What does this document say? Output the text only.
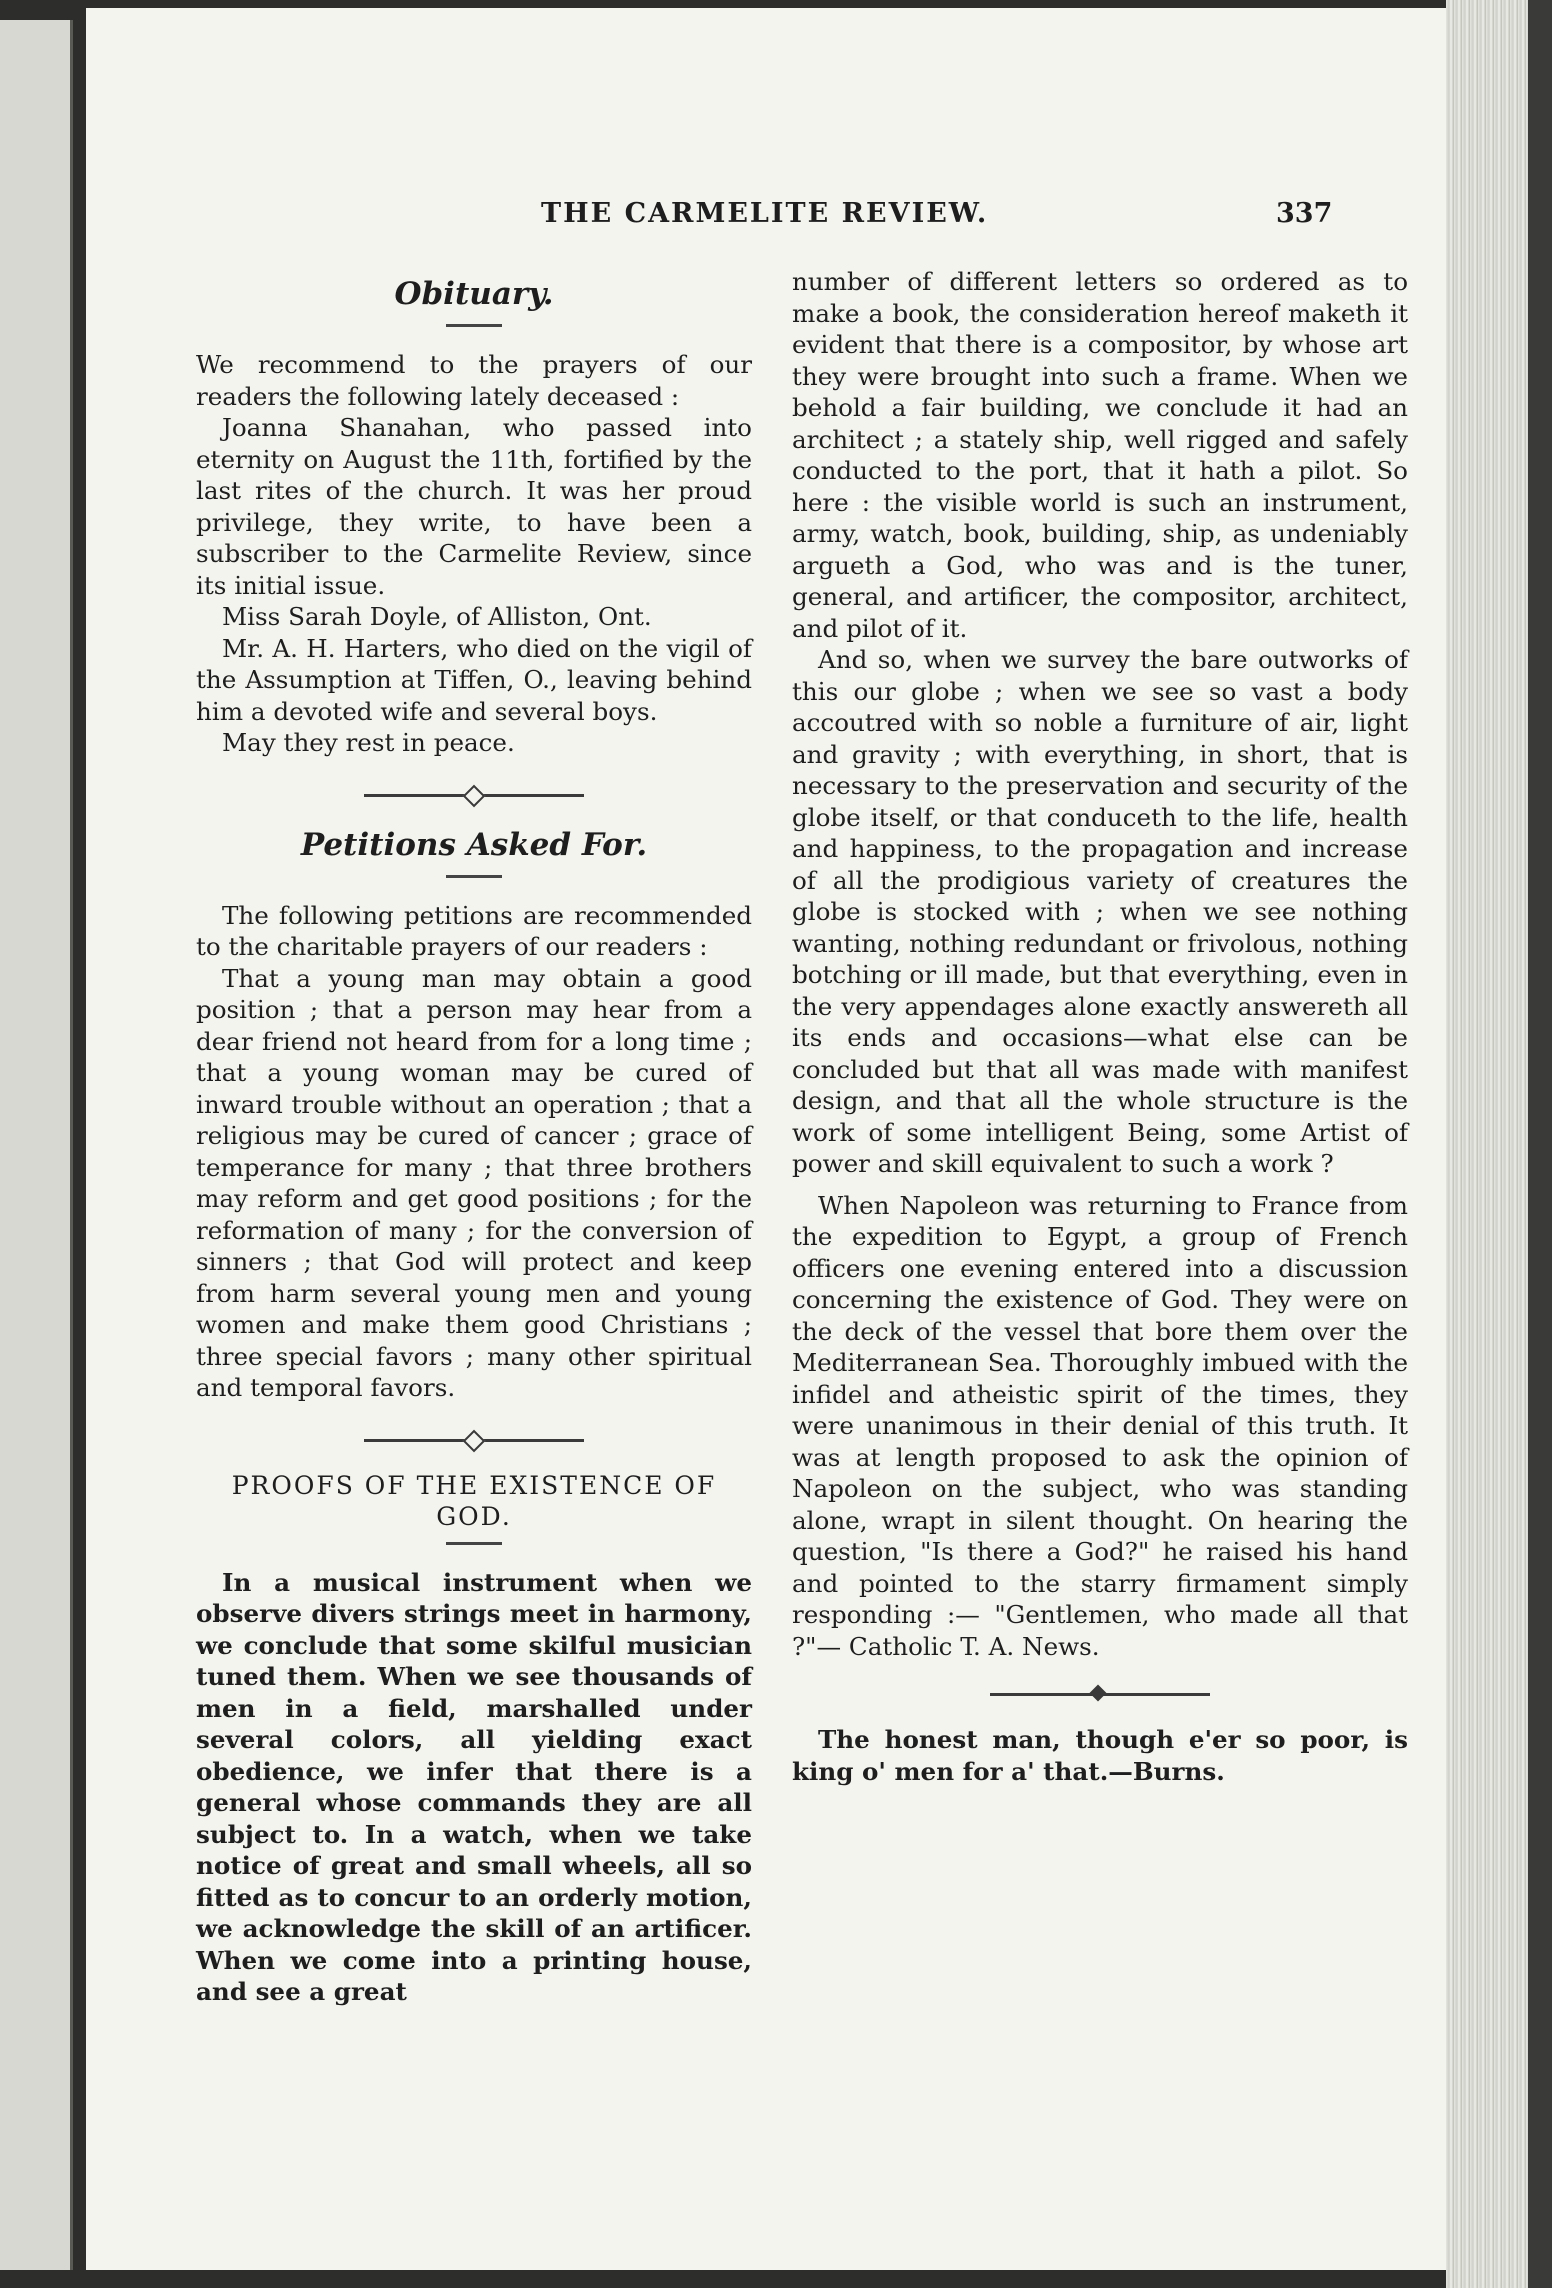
THE CARMELITE REVIEW.	337
Obituary.

We recommend to the prayers of our readers the following lately deceased :

Joanna Shanahan, who passed into eternity on August the 11th, fortified by the last rites of the church. It was her proud privilege, they write, to have been a subscriber to the Carmelite Review, since its initial issue.

Miss Sarah Doyle, of Alliston, Ont.

Mr. A. H. Harters, who died on the vigil of the Assumption at Tiffen, O., leaving behind him a devoted wife and several boys.

May they rest in peace.

Petitions Asked For.

The following petitions are recommended to the charitable prayers of our readers :

That a young man may obtain a good position ; that a person may hear from a dear friend not heard from for a long time ; that a young woman may be cured of inward trouble without an operation ; that a religious may be cured of cancer ; grace of temperance for many ; that three brothers may reform and get good positions ; for the reformation of many ; for the conversion of sinners ; that God will protect and keep from harm several young men and young women and make them good Christians ; three special favors ; many other spiritual and temporal favors.

PROOFS OF THE EXISTENCE OF GOD.

In a musical instrument when we observe divers strings meet in harmony, we conclude that some skilful musician tuned them. When we see thousands of men in a field, marshalled under several colors, all yielding exact obedience, we infer that there is a general whose commands they are all subject to. In a watch, when we take notice of great and small wheels, all so fitted as to concur to an orderly motion, we acknowledge the skill of an artificer. When we come into a printing house, and see a great

number of different letters so ordered as to make a book, the consideration hereof maketh it evident that there is a compositor, by whose art they were brought into such a frame. When we behold a fair building, we conclude it had an architect ; a stately ship, well rigged and safely conducted to the port, that it hath a pilot. So here : the visible world is such an instrument, army, watch, book, building, ship, as undeniably argueth a God, who was and is the tuner, general, and artificer, the compositor, architect, and pilot of it.

And so, when we survey the bare outworks of this our globe ; when we see so vast a body accoutred with so noble a furniture of air, light and gravity ; with everything, in short, that is necessary to the preservation and security of the globe itself, or that conduceth to the life, health and happiness, to the propagation and increase of all the prodigious variety of creatures the globe is stocked with ; when we see nothing wanting, nothing redundant or frivolous, nothing botching or ill made, but that everything, even in the very appendages alone exactly answereth all its ends and occasions—what else can be concluded but that all was made with manifest design, and that all the whole structure is the work of some intelligent Being, some Artist of power and skill equivalent to such a work ?

When Napoleon was returning to France from the expedition to Egypt, a group of French officers one evening entered into a discussion concerning the existence of God. They were on the deck of the vessel that bore them over the Mediterranean Sea. Thoroughly imbued with the infidel and atheistic spirit of the times, they were unanimous in their denial of this truth. It was at length proposed to ask the opinion of Napoleon on the subject, who was standing alone, wrapt in silent thought. On hearing the question, "Is there a God?" he raised his hand and pointed to the starry firmament simply responding :— "Gentlemen, who made all that ?"— Catholic T. A. News.

The honest man, though e'er so poor, is king o' men for a' that.—Burns.
